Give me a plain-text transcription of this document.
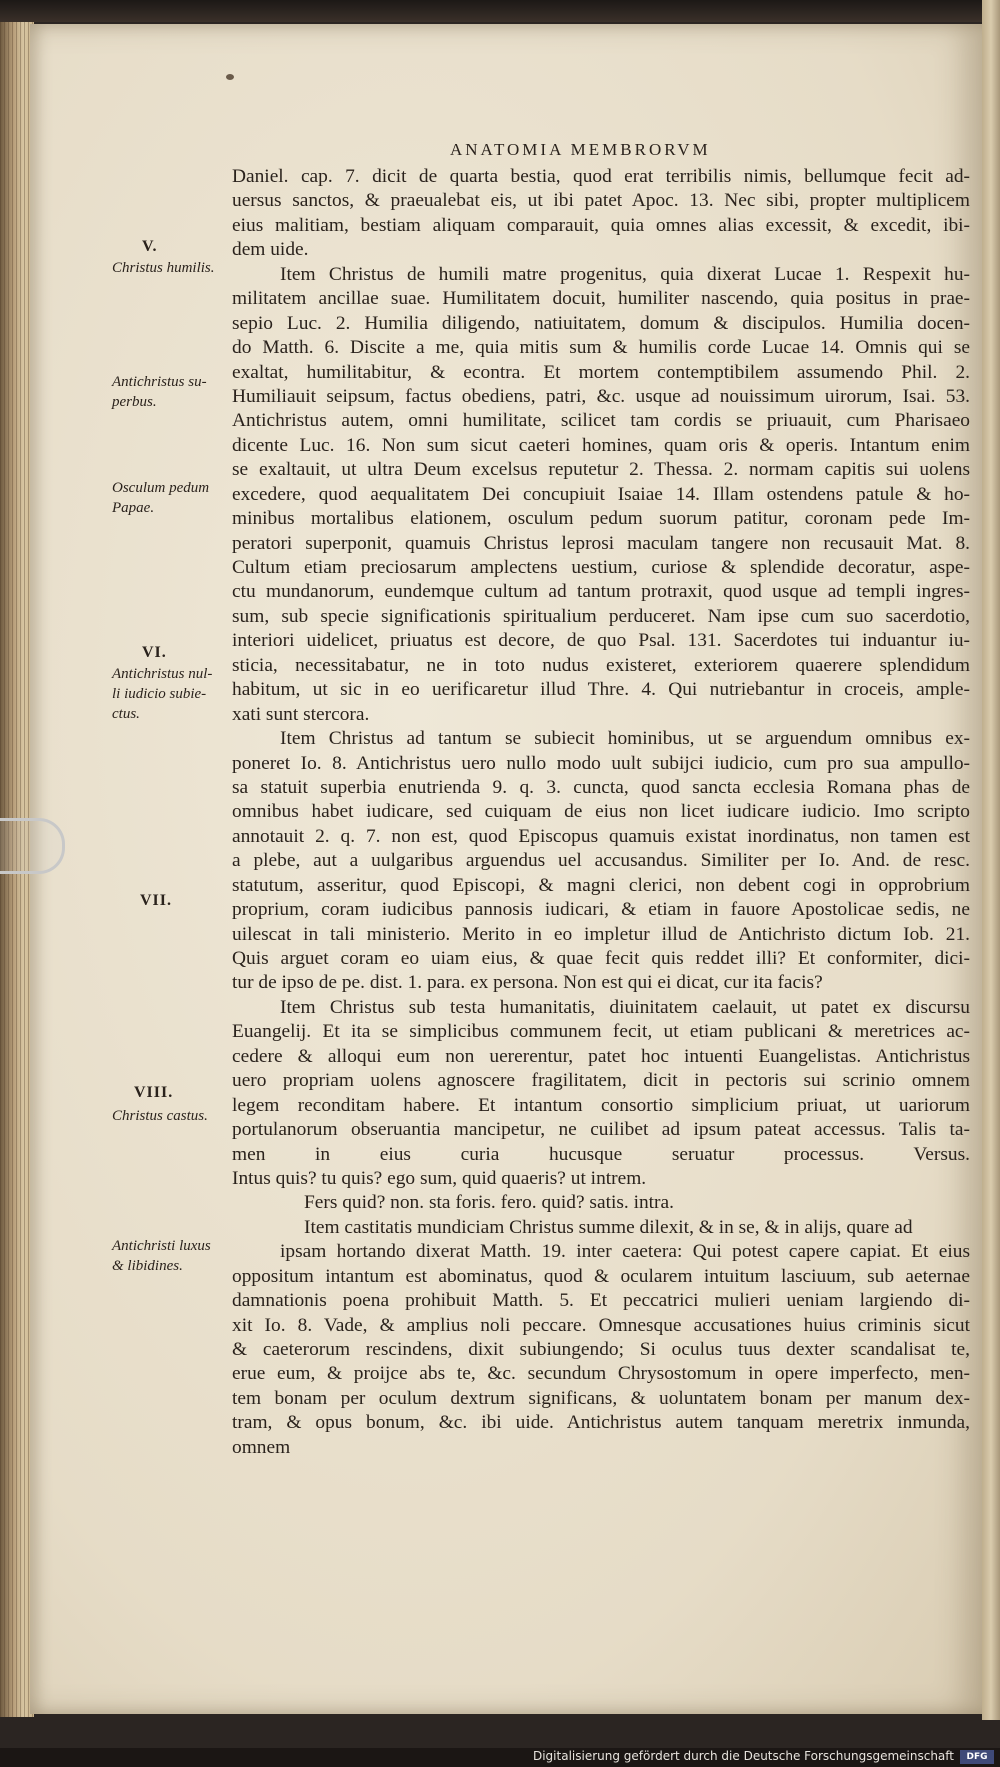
ANATOMIA MEMBRORVM
Daniel. cap. 7. dicit de quarta bestia, quod erat terribilis nimis, bellumque fecit ad-
uersus sanctos, & praeualebat eis, ut ibi patet Apoc. 13. Nec sibi, propter multiplicem
eius malitiam, bestiam aliquam comparauit, quia omnes alias excessit, & excedit, ibi-
dem uide.
Item Christus de humili matre progenitus, quia dixerat Lucae 1. Respexit hu-
militatem ancillae suae. Humilitatem docuit, humiliter nascendo, quia positus in prae-
sepio Luc. 2. Humilia diligendo, natiuitatem, domum & discipulos. Humilia docen-
do Matth. 6. Discite a me, quia mitis sum & humilis corde Lucae 14. Omnis qui se
exaltat, humilitabitur, & econtra. Et mortem contemptibilem assumendo Phil. 2.
Humiliauit seipsum, factus obediens, patri, &c. usque ad nouissimum uirorum, Isai. 53.
Antichristus autem, omni humilitate, scilicet tam cordis se priuauit, cum Pharisaeo
dicente Luc. 16. Non sum sicut caeteri homines, quam oris & operis. Intantum enim
se exaltauit, ut ultra Deum excelsus reputetur 2. Thessa. 2. normam capitis sui uolens
excedere, quod aequalitatem Dei concupiuit Isaiae 14. Illam ostendens patule & ho-
minibus mortalibus elationem, osculum pedum suorum patitur, coronam pede Im-
peratori superponit, quamuis Christus leprosi maculam tangere non recusauit Mat. 8.
Cultum etiam preciosarum amplectens uestium, curiose & splendide decoratur, aspe-
ctu mundanorum, eundemque cultum ad tantum protraxit, quod usque ad templi ingres-
sum, sub specie significationis spiritualium perduceret. Nam ipse cum suo sacerdotio,
interiori uidelicet, priuatus est decore, de quo Psal. 131. Sacerdotes tui induantur iu-
sticia, necessitabatur, ne in toto nudus existeret, exteriorem quaerere splendidum
habitum, ut sic in eo uerificaretur illud Thre. 4. Qui nutriebantur in croceis, ample-
xati sunt stercora.
Item Christus ad tantum se subiecit hominibus, ut se arguendum omnibus ex-
poneret Io. 8. Antichristus uero nullo modo uult subijci iudicio, cum pro sua ampullo-
sa statuit superbia enutrienda 9. q. 3. cuncta, quod sancta ecclesia Romana phas de
omnibus habet iudicare, sed cuiquam de eius non licet iudicare iudicio. Imo scripto
annotauit 2. q. 7. non est, quod Episcopus quamuis existat inordinatus, non tamen est
a plebe, aut a uulgaribus arguendus uel accusandus. Similiter per Io. And. de resc.
statutum, asseritur, quod Episcopi, & magni clerici, non debent cogi in opprobrium
proprium, coram iudicibus pannosis iudicari, & etiam in fauore Apostolicae sedis, ne
uilescat in tali ministerio. Merito in eo impletur illud de Antichristo dictum Iob. 21.
Quis arguet coram eo uiam eius, & quae fecit quis reddet illi? Et conformiter, dici-
tur de ipso de pe. dist. 1. para. ex persona. Non est qui ei dicat, cur ita facis?
Item Christus sub testa humanitatis, diuinitatem caelauit, ut patet ex discursu
Euangelij. Et ita se simplicibus communem fecit, ut etiam publicani & meretrices ac-
cedere & alloqui eum non uererentur, patet hoc intuenti Euangelistas. Antichristus
uero propriam uolens agnoscere fragilitatem, dicit in pectoris sui scrinio omnem
legem reconditam habere. Et intantum consortio simplicium priuat, ut uariorum
portulanorum obseruantia mancipetur, ne cuilibet ad ipsum pateat accessus. Talis ta-
men in eius curia hucusque seruatur processus. Versus.
Intus quis? tu quis? ego sum, quid quaeris? ut intrem.
Fers quid? non. sta foris. fero. quid? satis. intra.
Item castitatis mundiciam Christus summe dilexit, & in se, & in alijs, quare ad
ipsam hortando dixerat Matth. 19. inter caetera: Qui potest capere capiat. Et eius
oppositum intantum est abominatus, quod & ocularem intuitum lasciuum, sub aeternae
damnationis poena prohibuit Matth. 5. Et peccatrici mulieri ueniam largiendo di-
xit Io. 8. Vade, & amplius noli peccare. Omnesque accusationes huius criminis sicut
& caeterorum rescindens, dixit subiungendo; Si oculus tuus dexter scandalisat te,
erue eum, & proijce abs te, &c. secundum Chrysostomum in opere imperfecto, men-
tem bonam per oculum dextrum significans, & uoluntatem bonam per manum dex-
tram, & opus bonum, &c. ibi uide. Antichristus autem tanquam meretrix inmunda,
omnem
V.
Christus humilis.
Antichristus su-
perbus.
Osculum pedum
Papae.
VI.
Antichristus nul-
li iudicio subie-
ctus.
VII.
VIII.
Christus castus.
Antichristi luxus
& libidines.
Digitalisierung gefördert durch die Deutsche Forschungsgemeinschaft	DFG
